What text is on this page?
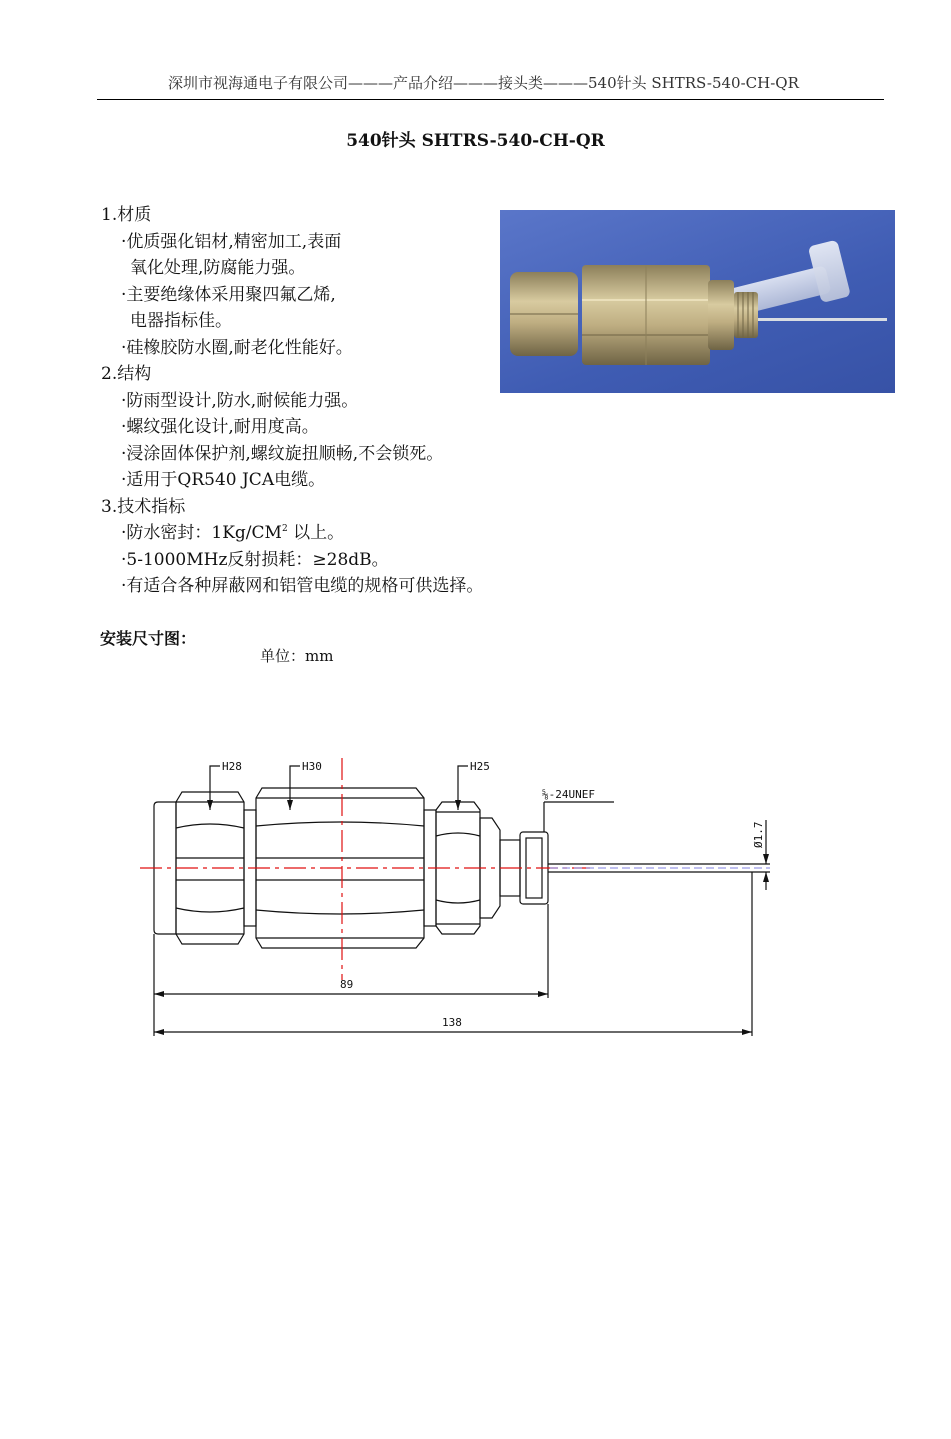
深圳市视海通电子有限公司———产品介绍———接头类———540针头 SHTRS-540-CH-QR
540针头 SHTRS-540-CH-QR

1.材质

·优质强化铝材,精密加工,表面

氧化处理,防腐能力强。

·主要绝缘体采用聚四氟乙烯,

电器指标佳。

·硅橡胶防水圈,耐老化性能好。

2.结构

·防雨型设计,防水,耐候能力强。

·螺纹强化设计,耐用度高。

·浸涂固体保护剂,螺纹旋扭顺畅,不会锁死。

·适用于QR540 JCA电缆。

3.技术指标

·防水密封：$1Kg/CM^2$ 以上。

·5-1000MHz反射损耗：≥28dB。

·有适合各种屏蔽网和铝管电缆的规格可供选择。

安装尺寸图：
单位：mm
H28	H30	H25
⅝-24UNEF
89
138
Ø1.7
